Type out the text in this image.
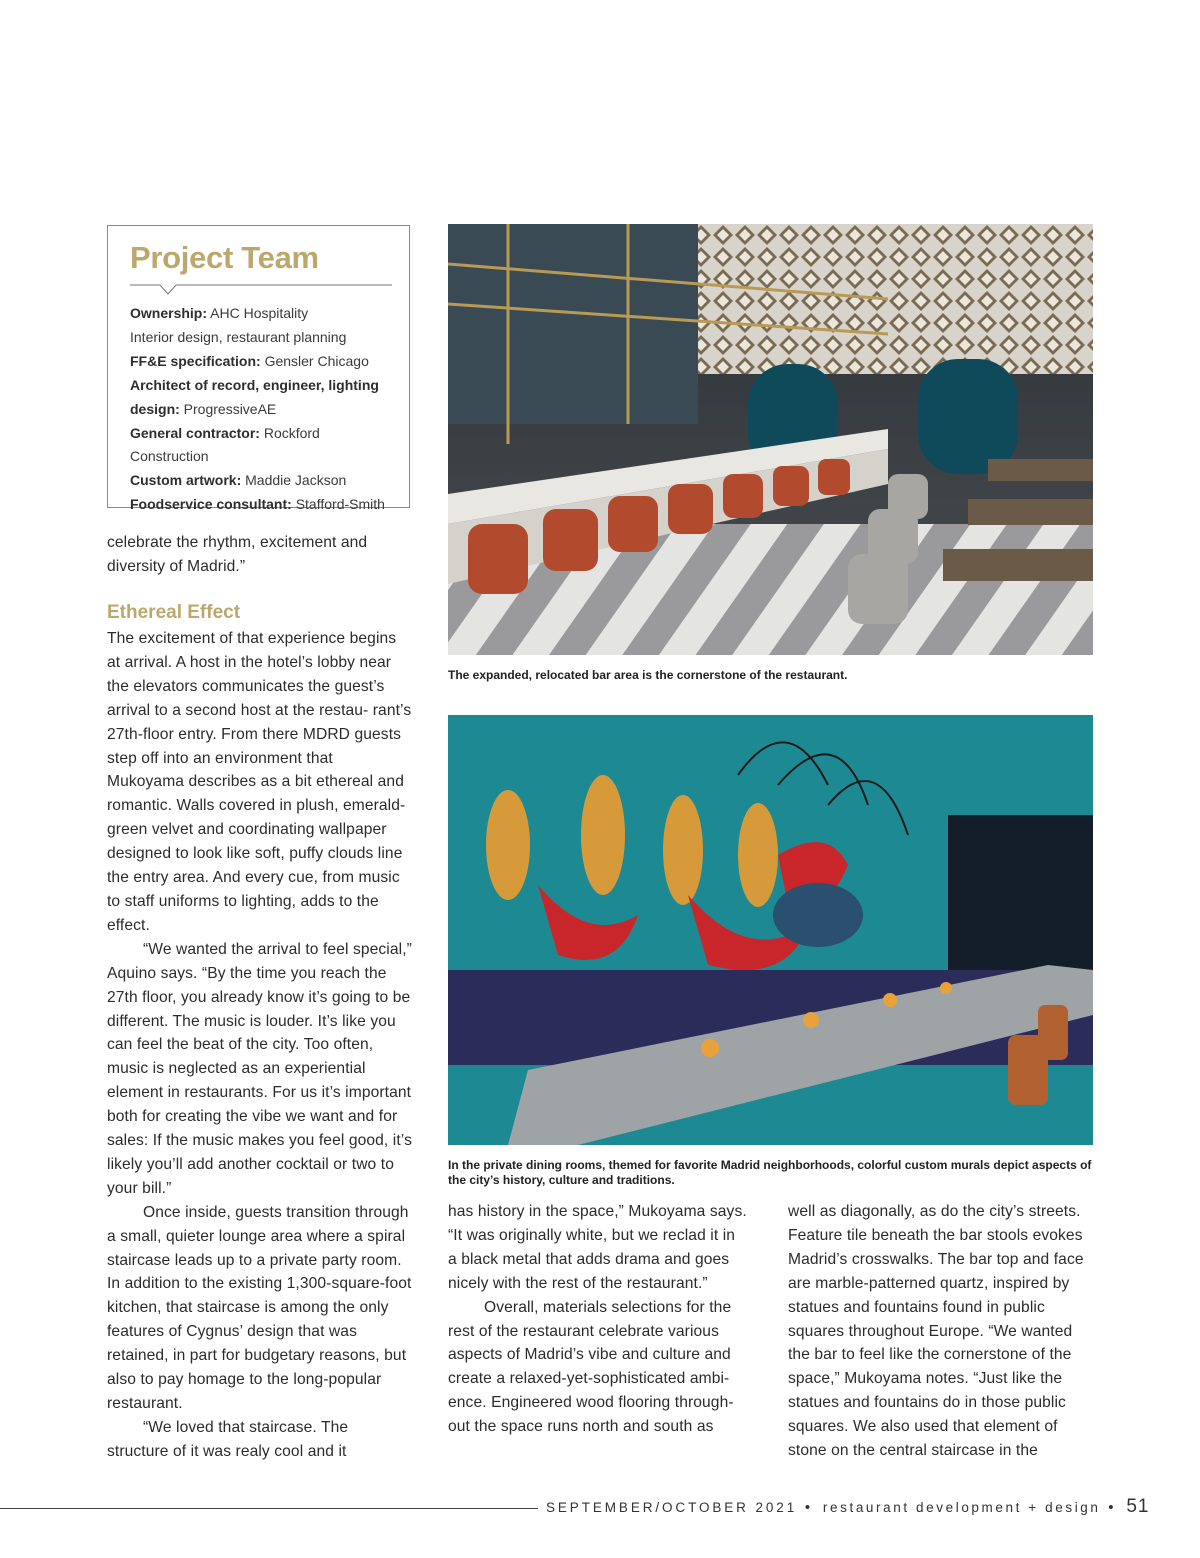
Project Team
Ownership: AHC Hospitality
Interior design, restaurant planning
FF&E specification: Gensler Chicago
Architect of record, engineer, lighting design: ProgressiveAE
General contractor: Rockford Construction
Custom artwork: Maddie Jackson
Foodservice consultant: Stafford-Smith

celebrate the rhythm, excitement and diversity of Madrid.”

Ethereal Effect

The excitement of that experience begins at arrival. A host in the hotel’s lobby near the elevators communicates the guest’s arrival to a second host at the restau- rant’s 27th-floor entry. From there MDRD guests step off into an environment that Mukoyama describes as a bit ethereal and romantic. Walls covered in plush, emerald-green velvet and coordinating wallpaper designed to look like soft, puffy clouds line the entry area. And every cue, from music to staff uniforms to lighting, adds to the effect.

“We wanted the arrival to feel special,” Aquino says. “By the time you reach the 27th floor, you already know it’s going to be different. The music is louder. It’s like you can feel the beat of the city. Too often, music is neglected as an experiential element in restaurants. For us it’s important both for creating the vibe we want and for sales: If the music makes you feel good, it’s likely you’ll add another cocktail or two to your bill.”

Once inside, guests transition through a small, quieter lounge area where a spiral staircase leads up to a private party room. In addition to the existing 1,300-square-foot kitchen, that staircase is among the only features of Cygnus’ design that was retained, in part for budgetary reasons, but also to pay homage to the long-popular restaurant.

“We loved that staircase. The structure of it was realy cool and it

The expanded, relocated bar area is the cornerstone of the restaurant.
In the private dining rooms, themed for favorite Madrid neighborhoods, colorful custom murals depict aspects of the city’s history, culture and traditions.

has history in the space,” Mukoyama says. “It was originally white, but we reclad it in a black metal that adds drama and goes nicely with the rest of the restaurant.”

Overall, materials selections for the rest of the restaurant celebrate various aspects of Madrid’s vibe and culture and create a relaxed-yet-sophisticated ambi- ence. Engineered wood flooring through- out the space runs north and south as

well as diagonally, as do the city’s streets. Feature tile beneath the bar stools evokes Madrid’s crosswalks. The bar top and face are marble-patterned quartz, inspired by statues and fountains found in public squares throughout Europe. “We wanted the bar to feel like the cornerstone of the space,” Mukoyama notes. “Just like the statues and fountains do in those public squares. We also used that element of stone on the central staircase in the

SEPTEMBER/OCTOBER 2021 • restaurant development + design • 51
